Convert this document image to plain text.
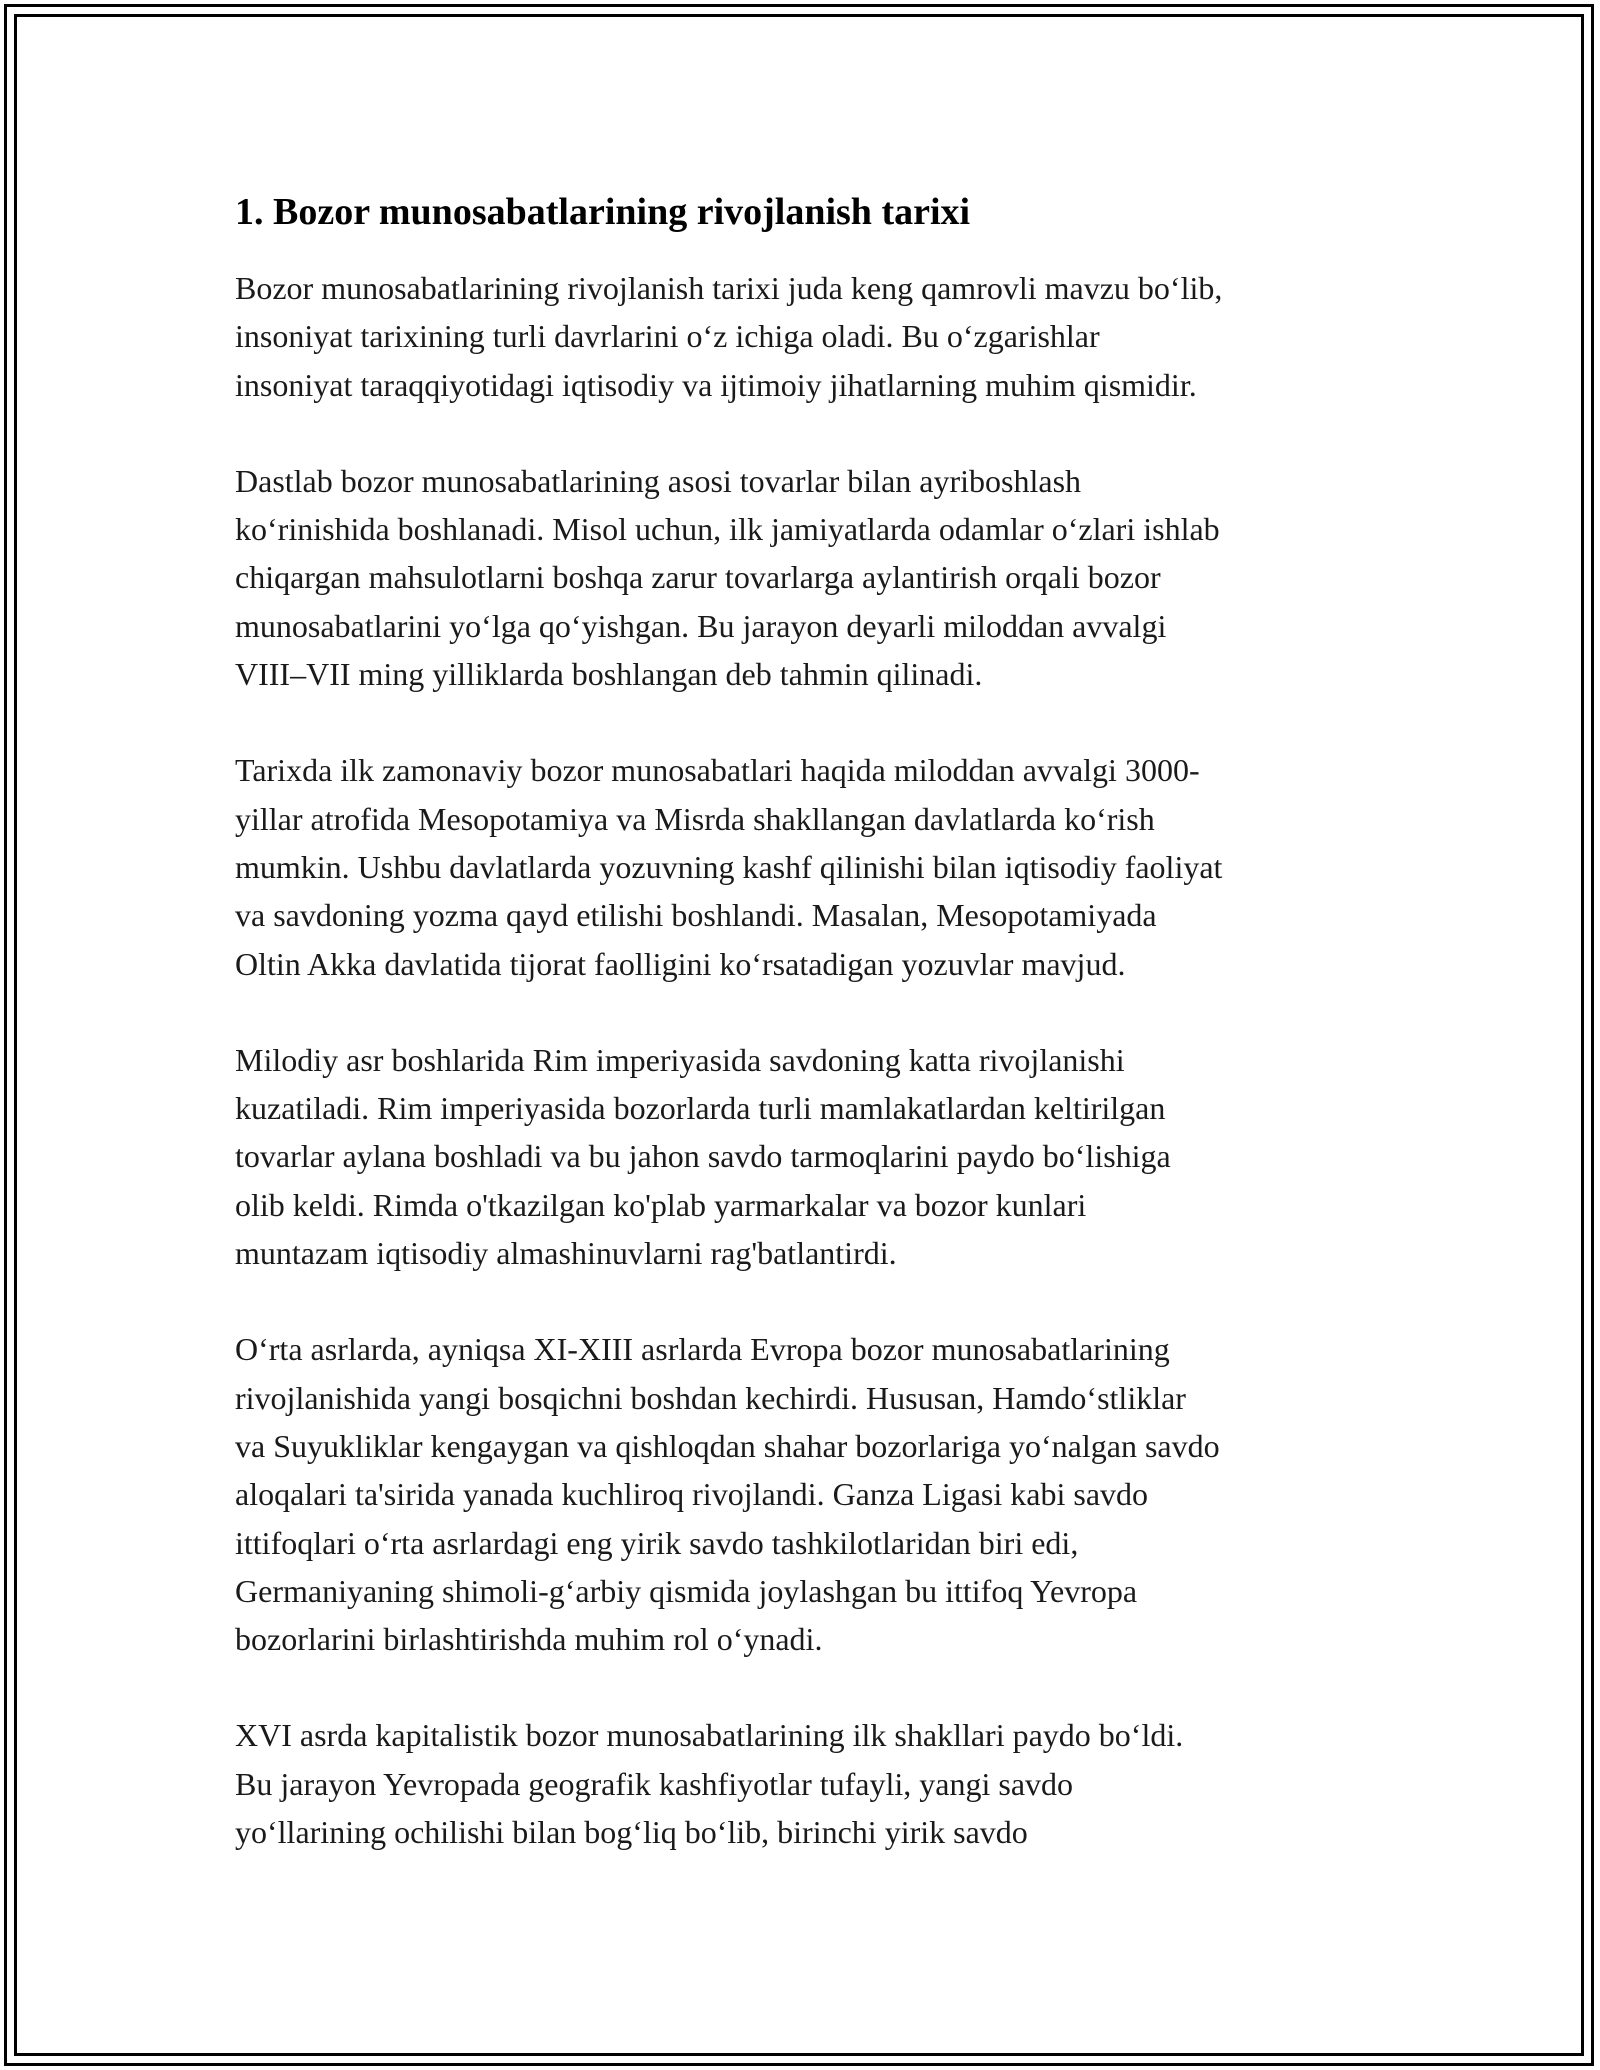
1. Bozor munosabatlarining rivojlanish tarixi

Bozor munosabatlarining rivojlanish tarixi juda keng qamrovli mavzu bo‘lib,
insoniyat tarixining turli davrlarini o‘z ichiga oladi. Bu o‘zgarishlar
insoniyat taraqqiyotidagi iqtisodiy va ijtimoiy jihatlarning muhim qismidir.

Dastlab bozor munosabatlarining asosi tovarlar bilan ayriboshlash
ko‘rinishida boshlanadi. Misol uchun, ilk jamiyatlarda odamlar o‘zlari ishlab
chiqargan mahsulotlarni boshqa zarur tovarlarga aylantirish orqali bozor
munosabatlarini yo‘lga qo‘yishgan. Bu jarayon deyarli miloddan avvalgi
VIII–VII ming yilliklarda boshlangan deb tahmin qilinadi.

Tarixda ilk zamonaviy bozor munosabatlari haqida miloddan avvalgi 3000-
yillar atrofida Mesopotamiya va Misrda shakllangan davlatlarda ko‘rish
mumkin. Ushbu davlatlarda yozuvning kashf qilinishi bilan iqtisodiy faoliyat
va savdoning yozma qayd etilishi boshlandi. Masalan, Mesopotamiyada
Oltin Akka davlatida tijorat faolligini ko‘rsatadigan yozuvlar mavjud.

Milodiy asr boshlarida Rim imperiyasida savdoning katta rivojlanishi
kuzatiladi. Rim imperiyasida bozorlarda turli mamlakatlardan keltirilgan
tovarlar aylana boshladi va bu jahon savdo tarmoqlarini paydo bo‘lishiga
olib keldi. Rimda o'tkazilgan ko'plab yarmarkalar va bozor kunlari
muntazam iqtisodiy almashinuvlarni rag'batlantirdi.

O‘rta asrlarda, ayniqsa XI-XIII asrlarda Evropa bozor munosabatlarining
rivojlanishida yangi bosqichni boshdan kechirdi. Hususan, Hamdo‘stliklar
va Suyukliklar kengaygan va qishloqdan shahar bozorlariga yo‘nalgan savdo
aloqalari ta'sirida yanada kuchliroq rivojlandi. Ganza Ligasi kabi savdo
ittifoqlari o‘rta asrlardagi eng yirik savdo tashkilotlaridan biri edi,
Germaniyaning shimoli-g‘arbiy qismida joylashgan bu ittifoq Yevropa
bozorlarini birlashtirishda muhim rol o‘ynadi.

XVI asrda kapitalistik bozor munosabatlarining ilk shakllari paydo bo‘ldi.
Bu jarayon Yevropada geografik kashfiyotlar tufayli, yangi savdo
yo‘llarining ochilishi bilan bog‘liq bo‘lib, birinchi yirik savdo
